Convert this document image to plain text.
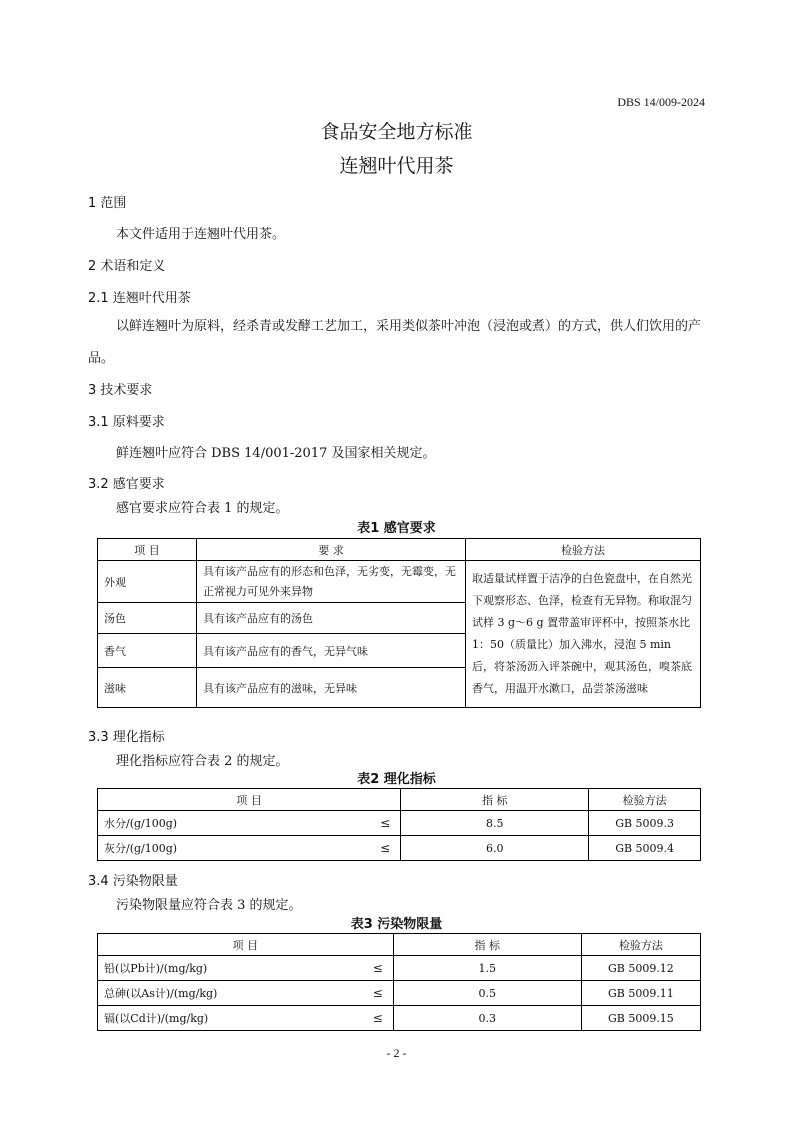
DBS 14/009-2024
食品安全地方标准
连翘叶代用茶
1 范围
本文件适用于连翘叶代用茶。
2 术语和定义
2.1 连翘叶代用茶
以鲜连翘叶为原料，经杀青或发酵工艺加工，采用类似茶叶冲泡（浸泡或煮）的方式，供人们饮用的产品。
3 技术要求
3.1 原料要求
鲜连翘叶应符合 DBS 14/001-2017 及国家相关规定。
3.2 感官要求
感官要求应符合表 1 的规定。
表1 感官要求
项 目	要 求	检验方法
外观	具有该产品应有的形态和色泽，无劣变，无霉变，无正常视力可见外来异物	取适量试样置于洁净的白色瓷盘中，在自然光下观察形态、色泽，检查有无异物。称取混匀试样 3 g～6 g 置带盖审评杯中，按照茶水比 1：50（质量比）加入沸水，浸泡 5 min 后，将茶汤沥入评茶碗中，观其汤色，嗅茶底香气，用温开水漱口，品尝茶汤滋味
汤色	具有该产品应有的汤色	
香气	具有该产品应有的香气，无异气味	
滋味	具有该产品应有的滋味，无异味	
3.3 理化指标
理化指标应符合表 2 的规定。
表2 理化指标
项 目		指 标	检验方法
水分/(g/100g)	≤	8.5	GB 5009.3
灰分/(g/100g)	≤	6.0	GB 5009.4
3.4 污染物限量
污染物限量应符合表 3 的规定。
表3 污染物限量
项 目		指 标	检验方法
铅(以Pb计)/(mg/kg)	≤	1.5	GB 5009.12
总砷(以As计)/(mg/kg)	≤	0.5	GB 5009.11
镉(以Cd计)/(mg/kg)	≤	0.3	GB 5009.15
- 2 -
